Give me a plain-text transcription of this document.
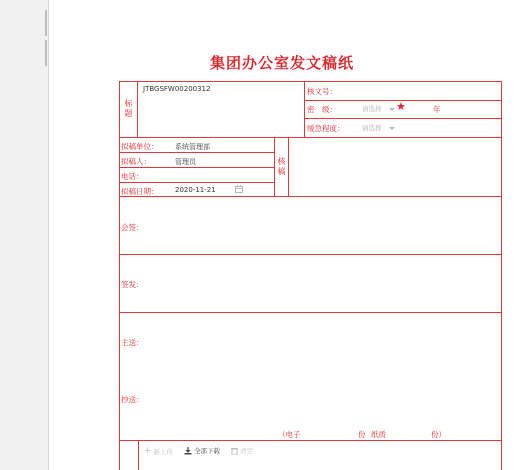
集团办公室发文稿纸
标题
JTBGSFW00200312	核文号：
密　级：	请选择 ★	年
缓急程度：	请选择
拟稿单位： 系统管理部
拟稿人：	管理员
电话：
拟稿日期： 2020-11-21
核稿
会签：
签发：
主送：
抄送：
（电子	份 纸质	份）
+ 新上传	全部下载	清空
